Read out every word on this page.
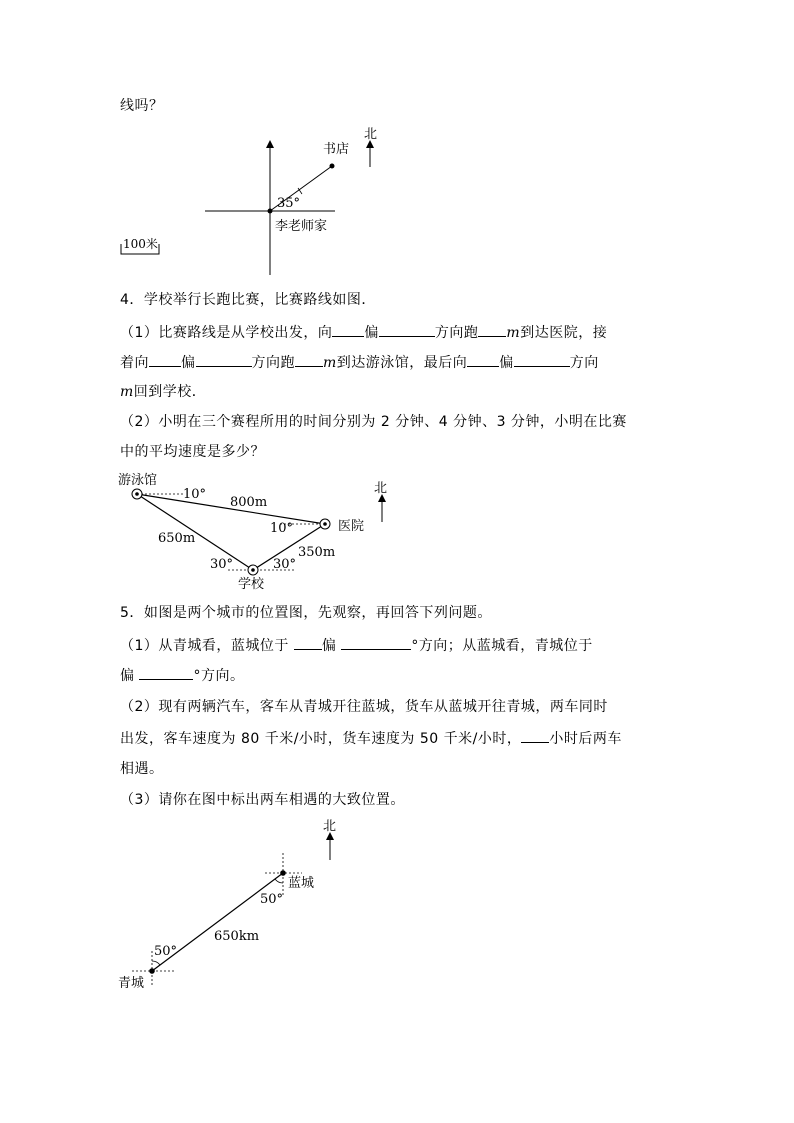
线吗？
书店
北
35°
李老师家
100米
4．学校举行长跑比赛，比赛路线如图．
（1）比赛路线是从学校出发，向 偏	方向跑 m到达医院，接
着向 偏	方向跑 m到达游泳馆，最后向 偏	方向
m回到学校．
（2）小明在三个赛程所用的时间分别为 2 分钟、4 分钟、3 分钟，小明在比赛
中的平均速度是多少？
游泳馆
医院
学校
北
10°
10°
30°	30°
800m
650m
350m
5．如图是两个城市的位置图，先观察，再回答下列问题。
（1）从青城看，蓝城位于 偏	°方向；从蓝城看，青城位于
偏	°方向。
（2）现有两辆汽车，客车从青城开往蓝城，货车从蓝城开往青城，两车同时
出发，客车速度为 80 千米/小时，货车速度为 50 千米/小时， 小时后两车
相遇。
（3）请你在图中标出两车相遇的大致位置。
北
蓝城
青城
50°
50°
650km
